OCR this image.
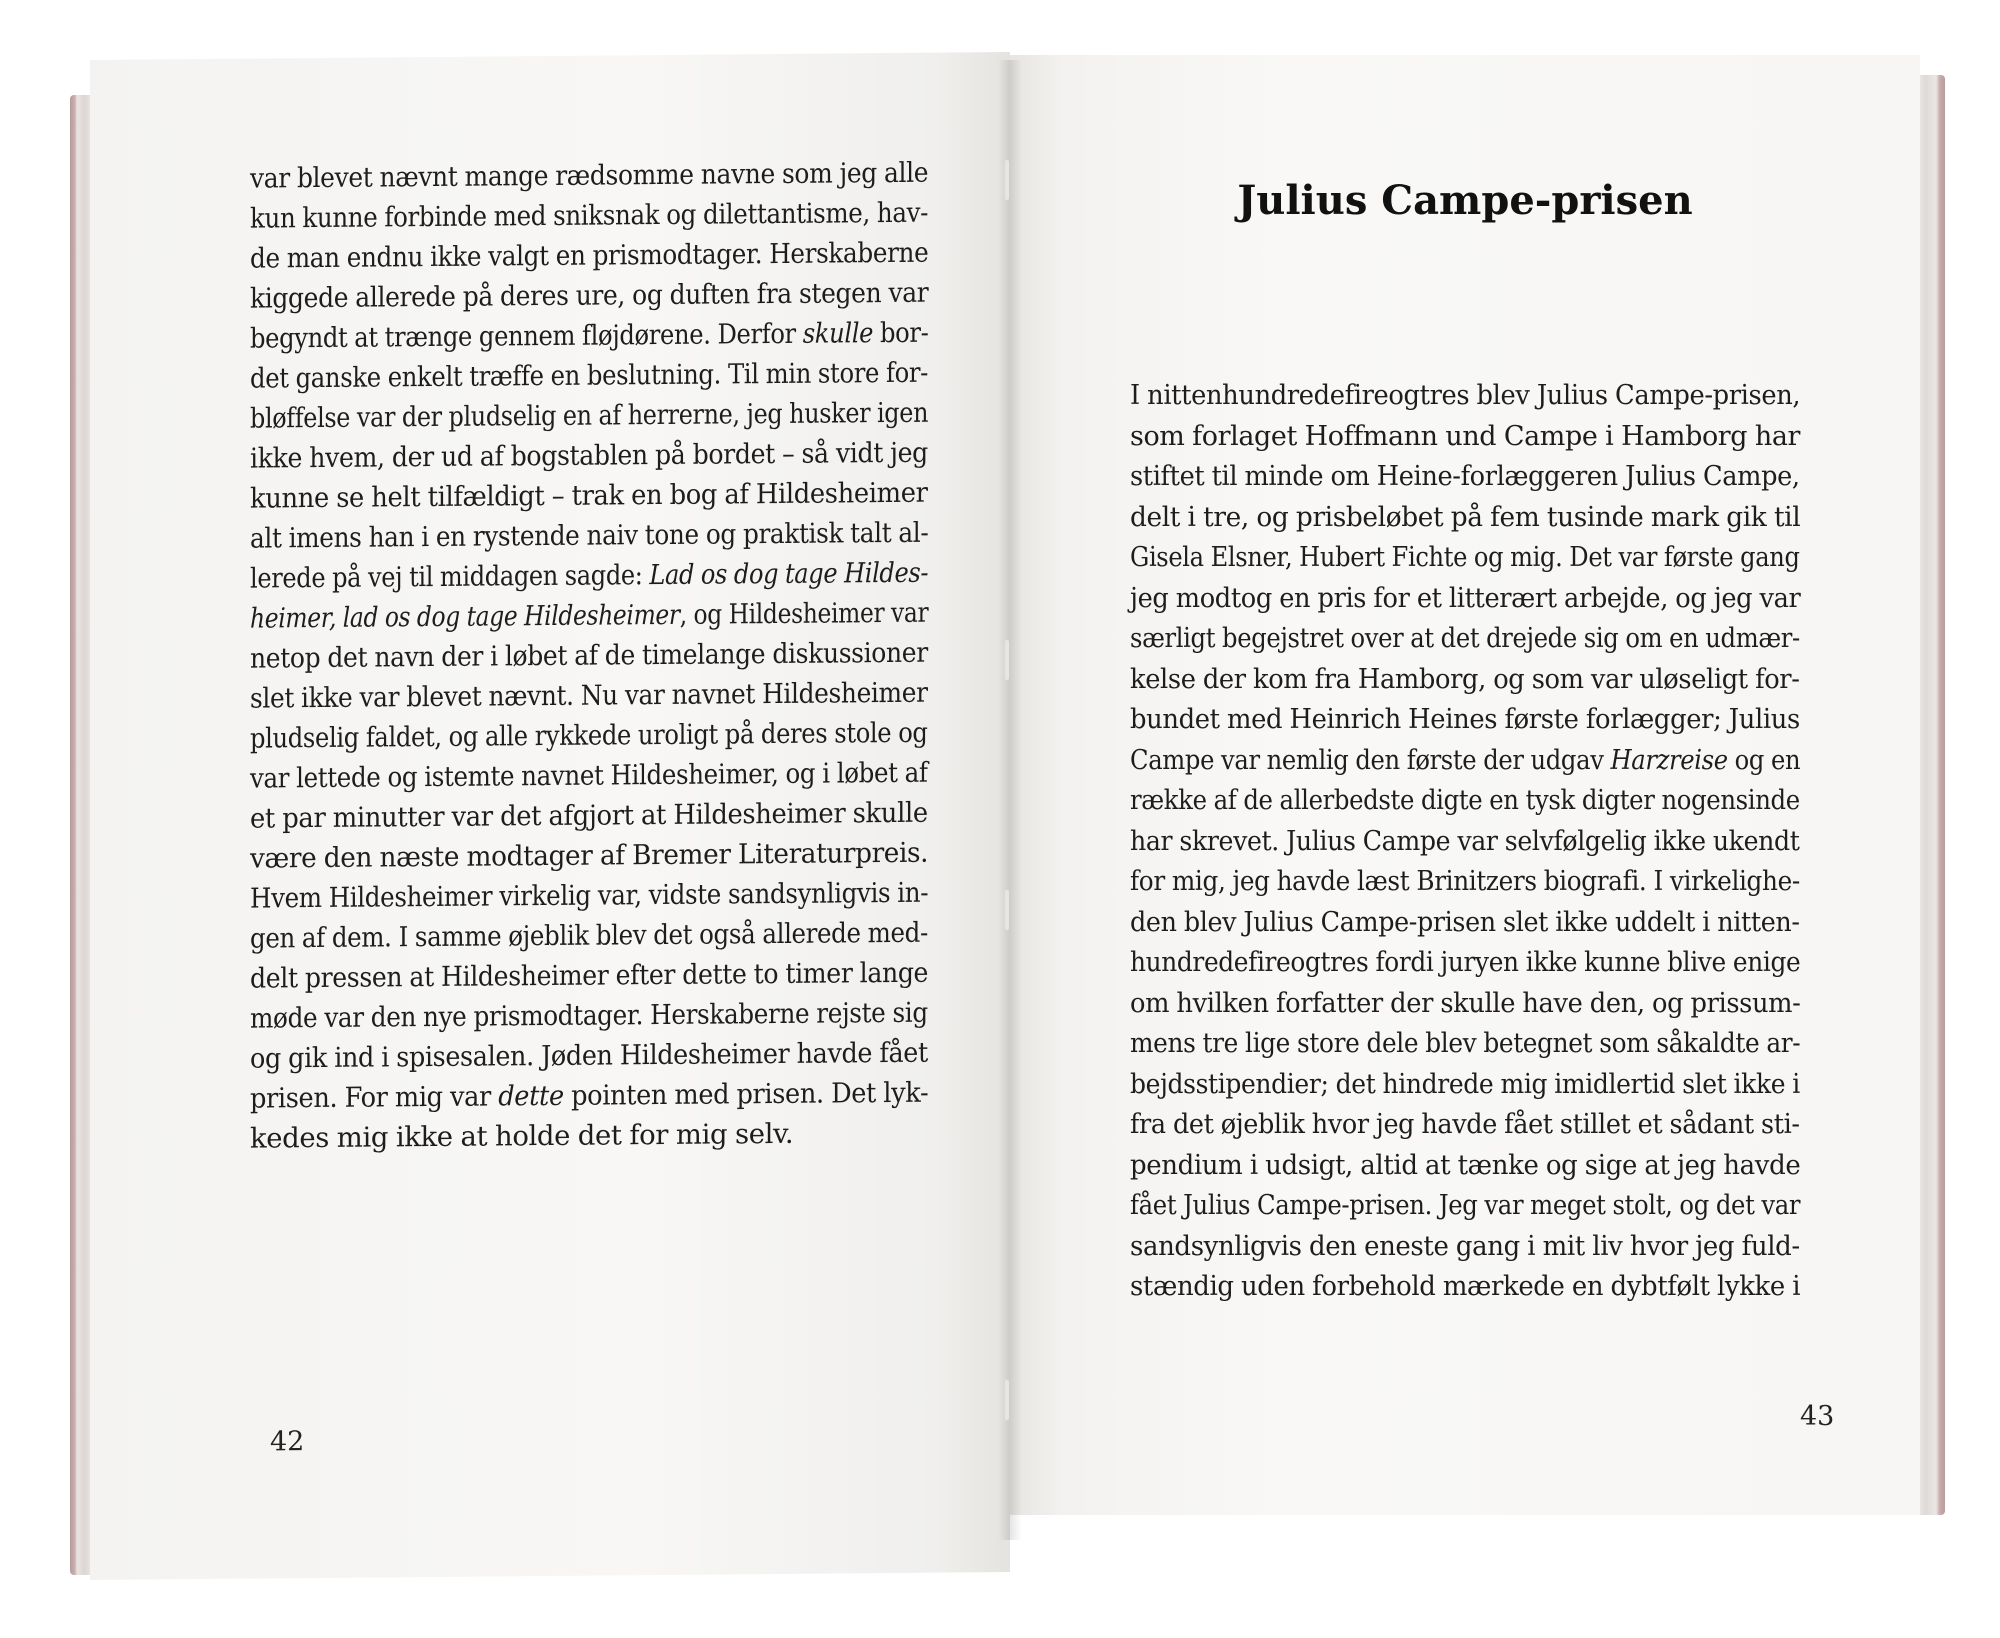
var blevet nævnt mange rædsomme navne som jeg alle
kun kunne forbinde med sniksnak og dilettantisme, hav-
de man endnu ikke valgt en prismodtager. Herskaberne
kiggede allerede på deres ure, og duften fra stegen var
begyndt at trænge gennem fløjdørene. Derfor skulle bor-
det ganske enkelt træffe en beslutning. Til min store for-
bløffelse var der pludselig en af herrerne, jeg husker igen
ikke hvem, der ud af bogstablen på bordet – så vidt jeg
kunne se helt tilfældigt – trak en bog af Hildesheimer
alt imens han i en rystende naiv tone og praktisk talt al-
lerede på vej til middagen sagde: Lad os dog tage Hildes-
heimer, lad os dog tage Hildesheimer, og Hildesheimer var
netop det navn der i løbet af de timelange diskussioner
slet ikke var blevet nævnt. Nu var navnet Hildesheimer
pludselig faldet, og alle rykkede uroligt på deres stole og
var lettede og istemte navnet Hildesheimer, og i løbet af
et par minutter var det afgjort at Hildesheimer skulle
være den næste modtager af Bremer Literaturpreis.
Hvem Hildesheimer virkelig var, vidste sandsynligvis in-
gen af dem. I samme øjeblik blev det også allerede med-
delt pressen at Hildesheimer efter dette to timer lange
møde var den nye prismodtager. Herskaberne rejste sig
og gik ind i spisesalen. Jøden Hildesheimer havde fået
prisen. For mig var dette pointen med prisen. Det lyk-
kedes mig ikke at holde det for mig selv.
42
Julius Campe-prisen
I nittenhundredefireogtres blev Julius Campe-prisen,
som forlaget Hoffmann und Campe i Hamborg har
stiftet til minde om Heine-forlæggeren Julius Campe,
delt i tre, og prisbeløbet på fem tusinde mark gik til
Gisela Elsner, Hubert Fichte og mig. Det var første gang
jeg modtog en pris for et litterært arbejde, og jeg var
særligt begejstret over at det drejede sig om en udmær-
kelse der kom fra Hamborg, og som var uløseligt for-
bundet med Heinrich Heines første forlægger; Julius
Campe var nemlig den første der udgav Harzreise og en
række af de allerbedste digte en tysk digter nogensinde
har skrevet. Julius Campe var selvfølgelig ikke ukendt
for mig, jeg havde læst Brinitzers biografi. I virkelighe-
den blev Julius Campe-prisen slet ikke uddelt i nitten-
hundredefireogtres fordi juryen ikke kunne blive enige
om hvilken forfatter der skulle have den, og prissum-
mens tre lige store dele blev betegnet som såkaldte ar-
bejdsstipendier; det hindrede mig imidlertid slet ikke i
fra det øjeblik hvor jeg havde fået stillet et sådant sti-
pendium i udsigt, altid at tænke og sige at jeg havde
fået Julius Campe-prisen. Jeg var meget stolt, og det var
sandsynligvis den eneste gang i mit liv hvor jeg fuld-
stændig uden forbehold mærkede en dybtfølt lykke i
43
